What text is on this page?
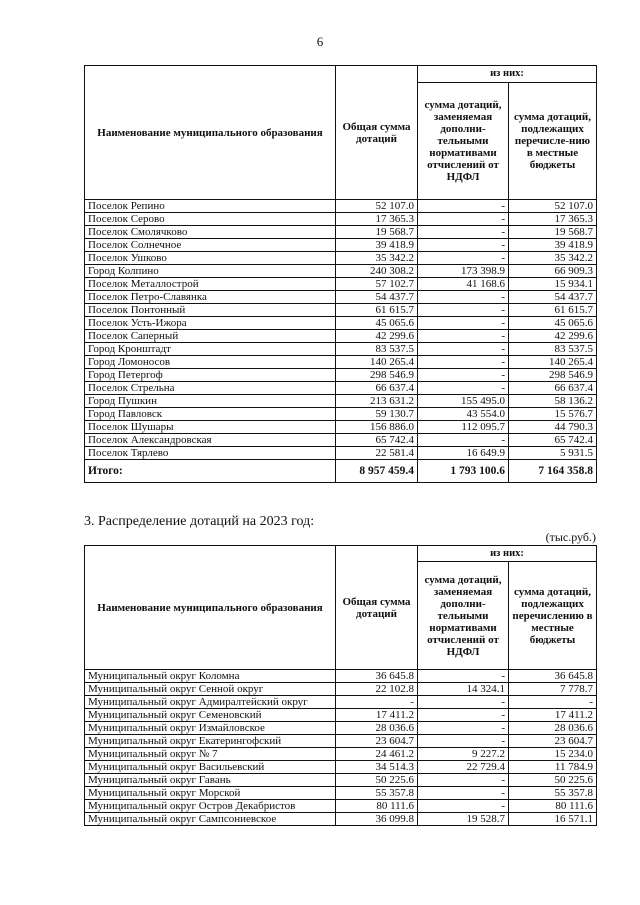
6
Наименование муниципального образования	Общая сумма дотаций	из них:	
		сумма дотаций, заменяемая дополни-тельными нормативами отчислений от НДФЛ	сумма дотаций, подлежащих перечисле-нию в местные бюджеты
Поселок Репино	52 107.0	-	52 107.0
Поселок Серово	17 365.3	-	17 365.3
Поселок Смолячково	19 568.7	-	19 568.7
Поселок Солнечное	39 418.9	-	39 418.9
Поселок Ушково	35 342.2	-	35 342.2
Город Колпино	240 308.2	173 398.9	66 909.3
Поселок Металлострой	57 102.7	41 168.6	15 934.1
Поселок Петро-Славянка	54 437.7	-	54 437.7
Поселок Понтонный	61 615.7	-	61 615.7
Поселок Усть-Ижора	45 065.6	-	45 065.6
Поселок Саперный	42 299.6	-	42 299.6
Город Кронштадт	83 537.5	-	83 537.5
Город Ломоносов	140 265.4	-	140 265.4
Город Петергоф	298 546.9	-	298 546.9
Поселок Стрельна	66 637.4	-	66 637.4
Город Пушкин	213 631.2	155 495.0	58 136.2
Город Павловск	59 130.7	43 554.0	15 576.7
Поселок Шушары	156 886.0	112 095.7	44 790.3
Поселок Александровская	65 742.4	-	65 742.4
Поселок Тярлево	22 581.4	16 649.9	5 931.5
Итого:	8 957 459.4	1 793 100.6	7 164 358.8
3. Распределение дотаций на 2023 год:
(тыс.руб.)
Наименование муниципального образования	Общая сумма дотаций	из них:	
		сумма дотаций, заменяемая дополни-тельными нормативами отчислений от НДФЛ	сумма дотаций, подлежащих перечислению в местные бюджеты
Муниципальный округ Коломна	36 645.8	-	36 645.8
Муниципальный округ Сенной округ	22 102.8	14 324.1	7 778.7
Муниципальный округ Адмиралтейский округ	-	-	-
Муниципальный округ Семеновский	17 411.2	-	17 411.2
Муниципальный округ Измайловское	28 036.6	-	28 036.6
Муниципальный округ Екатерингофский	23 604.7	-	23 604.7
Муниципальный округ № 7	24 461.2	9 227.2	15 234.0
Муниципальный округ Васильевский	34 514.3	22 729.4	11 784.9
Муниципальный округ Гавань	50 225.6	-	50 225.6
Муниципальный округ Морской	55 357.8	-	55 357.8
Муниципальный округ Остров Декабристов	80 111.6	-	80 111.6
Муниципальный округ Сампсониевское	36 099.8	19 528.7	16 571.1
